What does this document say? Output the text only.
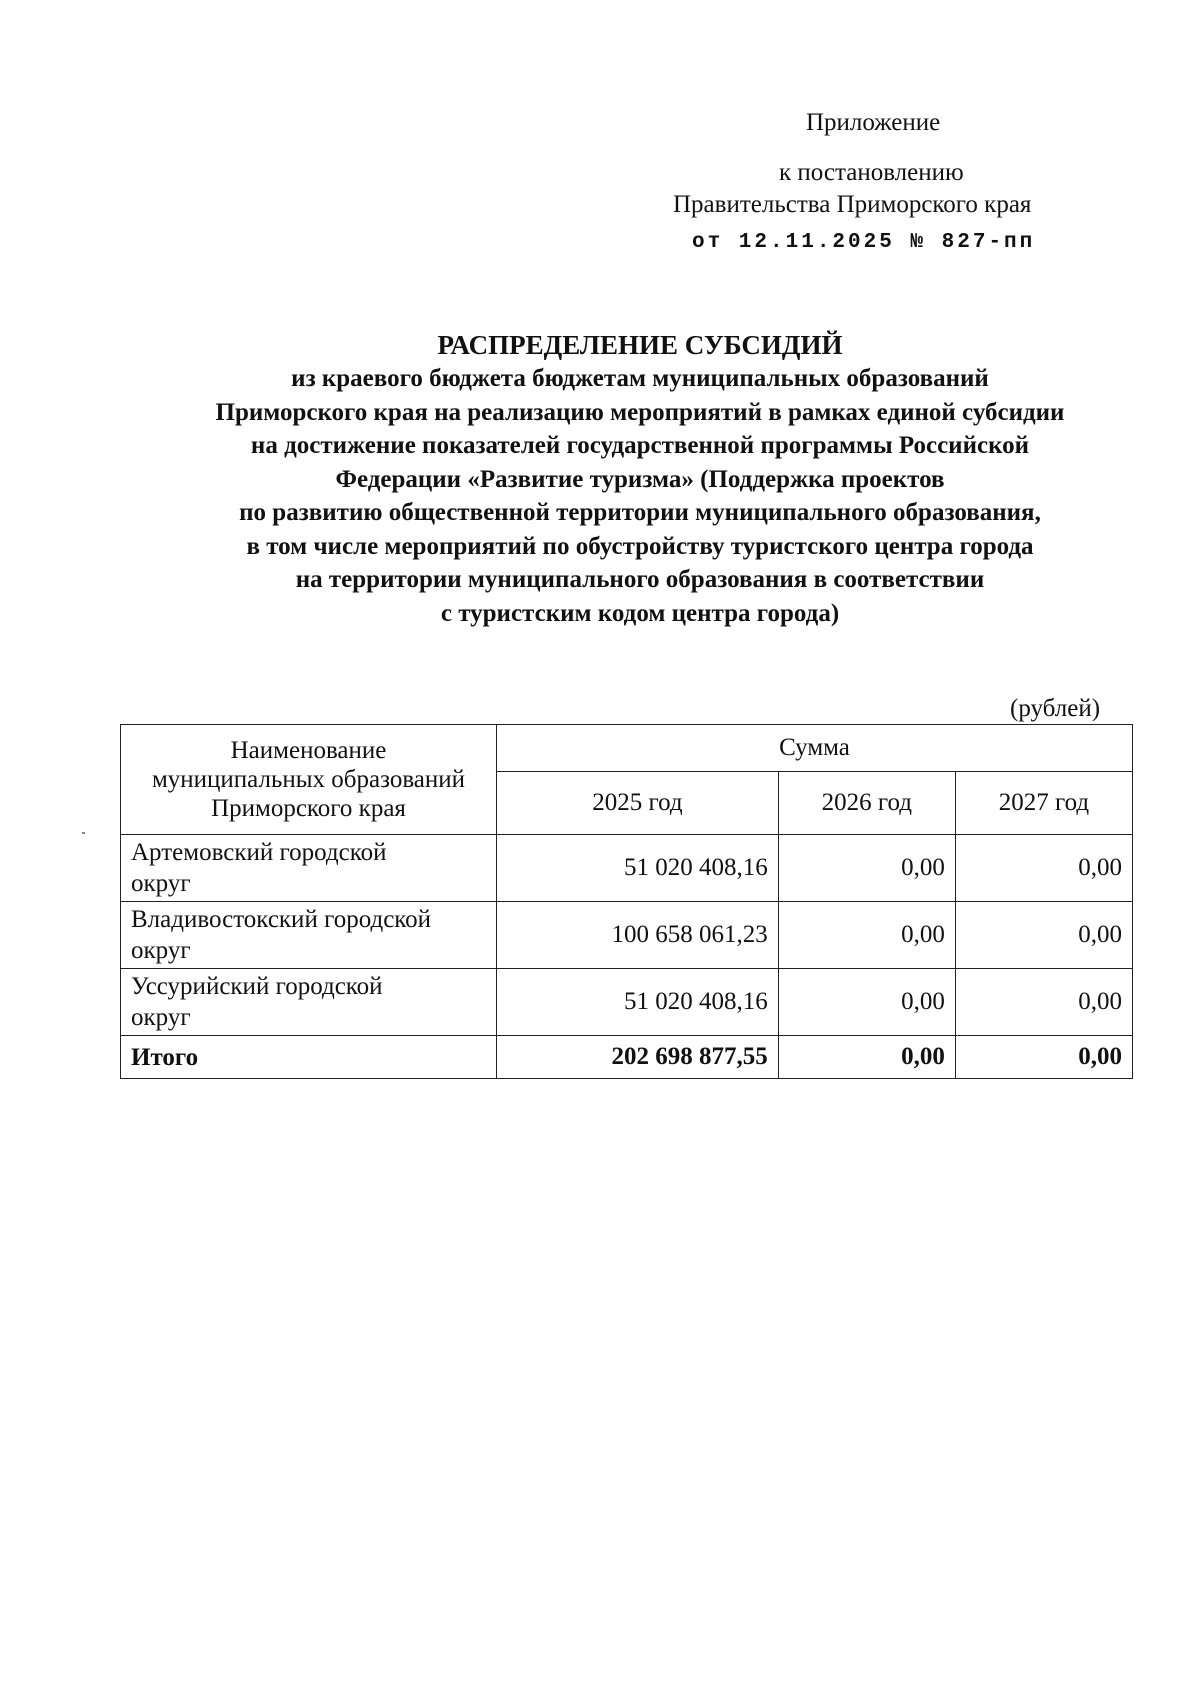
Приложение
к постановлению
Правительства Приморского края
от 12.11.2025 № 827-пп
РАСПРЕДЕЛЕНИЕ СУБСИДИЙ
из краевого бюджета бюджетам муниципальных образований
Приморского края на реализацию мероприятий в рамках единой субсидии
на достижение показателей государственной программы Российской
Федерации «Развитие туризма» (Поддержка проектов
по развитию общественной территории муниципального образования,
в том числе мероприятий по обустройству туристского центра города
на территории муниципального образования в соответствии
с туристским кодом центра города)
(рублей)
Наименование
муниципальных образований
Приморского края	Сумма		
	2025 год	2026 год	2027 год

Артемовский городской
округ	51 020 408,16	0,00	0,00

Владивостокский городской
округ	100 658 061,23	0,00	0,00

Уссурийский городской
округ	51 020 408,16	0,00	0,00
Итого	202 698 877,55	0,00	0,00
